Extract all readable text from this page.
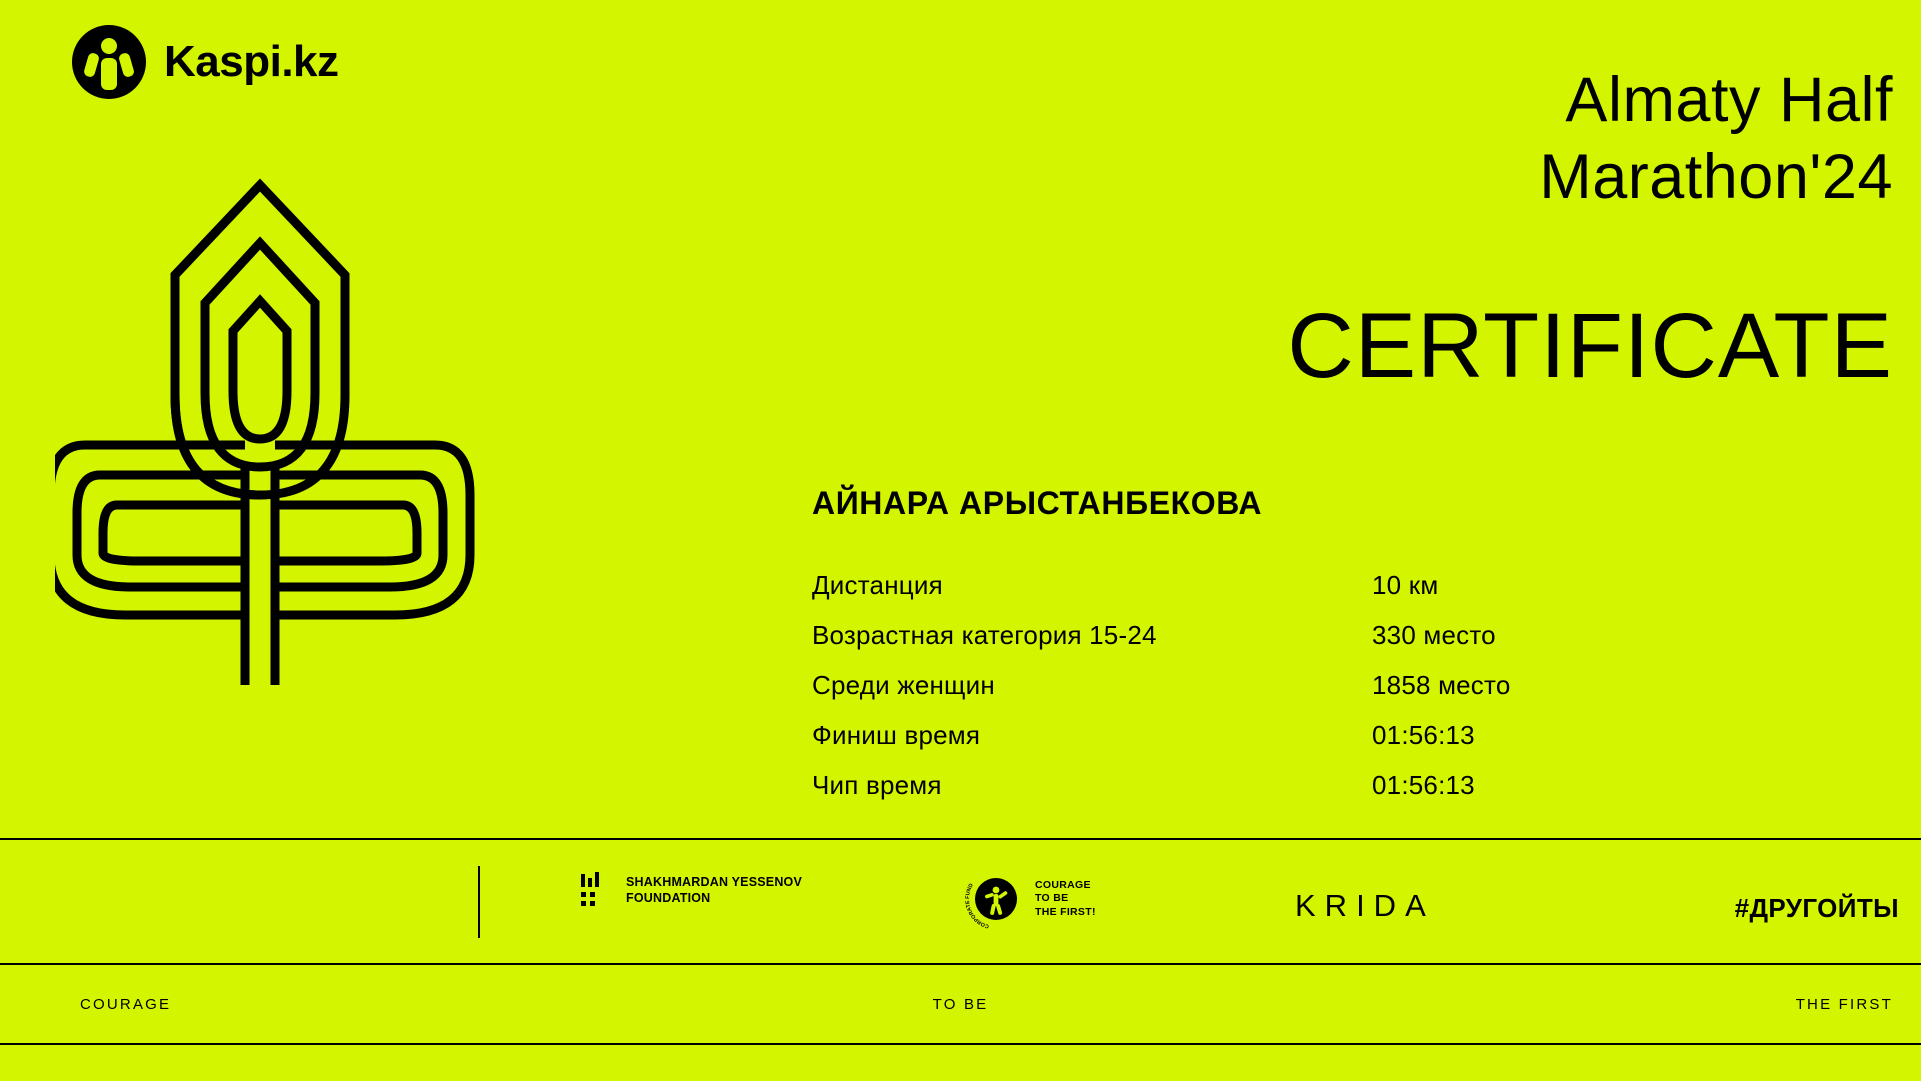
Almaty Half
Marathon'24
CERTIFICATE
АЙНАРА АРЫСТАНБЕКОВА
Дистанция	10 км
Возрастная категория 15-24	330 место
Среди женщин	1858 место
Финиш время	01:56:13
Чип время	01:56:13
Kaspi.kz
SHAKHMARDAN YESSENOV
FOUNDATION
CORPORATE FUND	COURAGE
TO BE
THE FIRST!	KRIDA	#ДРУГОЙТЫ
COURAGE	TO BE	THE FIRST
